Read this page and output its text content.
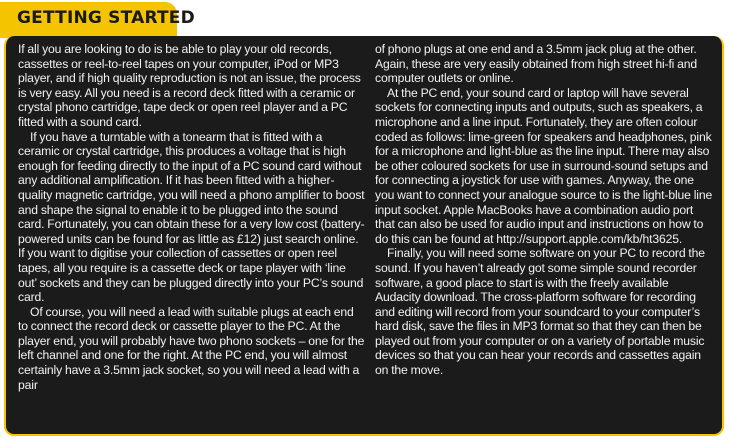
GETTING STARTED

If all you are looking to do is be able to play your old records, cassettes or reel-to-reel tapes on your computer, iPod or MP3 player, and if high quality reproduction is not an issue, the process is very easy. All you need is a record deck fitted with a ceramic or crystal phono cartridge, tape deck or open reel player and a PC fitted with a sound card.

If you have a turntable with a tonearm that is fitted with a ceramic or crystal cartridge, this produces a voltage that is high enough for feeding directly to the input of a PC sound card without any additional amplification. If it has been fitted with a higher-quality magnetic cartridge, you will need a phono amplifier to boost and shape the signal to enable it to be plugged into the sound card. Fortunately, you can obtain these for a very low cost (battery-powered units can be found for as little as £12) just search online. If you want to digitise your collection of cassettes or open reel tapes, all you require is a cassette deck or tape player with ‘line out’ sockets and they can be plugged directly into your PC’s sound card.

Of course, you will need a lead with suitable plugs at each end to connect the record deck or cassette player to the PC. At the player end, you will probably have two phono sockets – one for the left channel and one for the right. At the PC end, you will almost certainly have a 3.5mm jack socket, so you will need a lead with a pair

of phono plugs at one end and a 3.5mm jack plug at the other. Again, these are very easily obtained from high street hi-fi and computer outlets or online.

At the PC end, your sound card or laptop will have several sockets for connecting inputs and outputs, such as speakers, a microphone and a line input. Fortunately, they are often colour coded as follows: lime-green for speakers and headphones, pink for a microphone and light-blue as the line input. There may also be other coloured sockets for use in surround-sound setups and for connecting a joystick for use with games. Anyway, the one you want to connect your analogue source to is the light-blue line input socket. Apple MacBooks have a combination audio port that can also be used for audio input and instructions on how to do this can be found at http://support.apple.com/kb/ht3625.

Finally, you will need some software on your PC to record the sound. If you haven’t already got some simple sound recorder software, a good place to start is with the freely available Audacity download. The cross-platform software for recording and editing will record from your soundcard to your computer’s hard disk, save the files in MP3 format so that they can then be played out from your computer or on a variety of portable music devices so that you can hear your records and cassettes again on the move.
